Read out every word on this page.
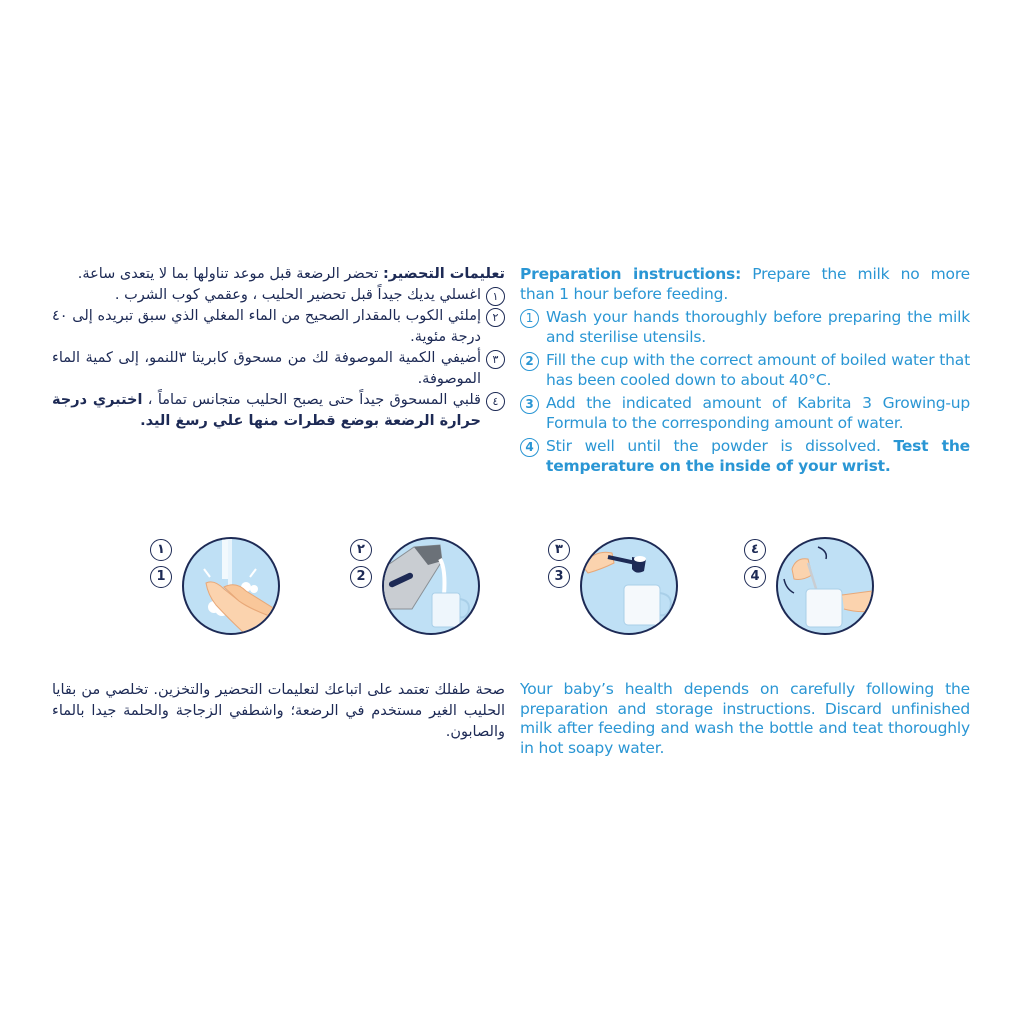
Preparation instructions: Prepare the milk no more than 1 hour before feeding.

1 Wash your hands thoroughly before preparing the milk and sterilise utensils.
2 Fill the cup with the correct amount of boiled water that has been cooled down to about 40°C.
3 Add the indicated amount of Kabrita 3 Growing-up Formula to the corresponding amount of water.
4 Stir well until the powder is dissolved. Test the temperature on the inside of your wrist.

تعليمات التحضير: تحضر الرضعة قبل موعد تناولها بما لا يتعدى ساعة.

١
اغسلي يديك جيداً قبل تحضير الحليب ، وعقمي كوب الشرب .
٢
إملئي الكوب بالمقدار الصحيح من الماء المغلي الذي سبق تبريده إلى ٤٠ درجة مئوية.
٣
أضيفي الكمية الموصوفة لك من مسحوق كابريتا ٣للنمو، إلى كمية الماء الموصوفة.
٤
قلبي المسحوق جيداً حتى يصبح الحليب متجانس تماماً ، اختبري درجة حرارة الرضعة بوضع قطرات منها علي رسغ اليد.
١
1
٢
2
٣
3
٤
4

Your baby’s health depends on carefully following the preparation and storage instructions. Discard unfinished milk after feeding and wash the bottle and teat thoroughly in hot soapy water.

صحة طفلك تعتمد على اتباعك لتعليمات التحضير والتخزين. تخلصي من بقايا الحليب الغير مستخدم في الرضعة؛ واشطفي الزجاجة والحلمة جيدا بالماء والصابون.
